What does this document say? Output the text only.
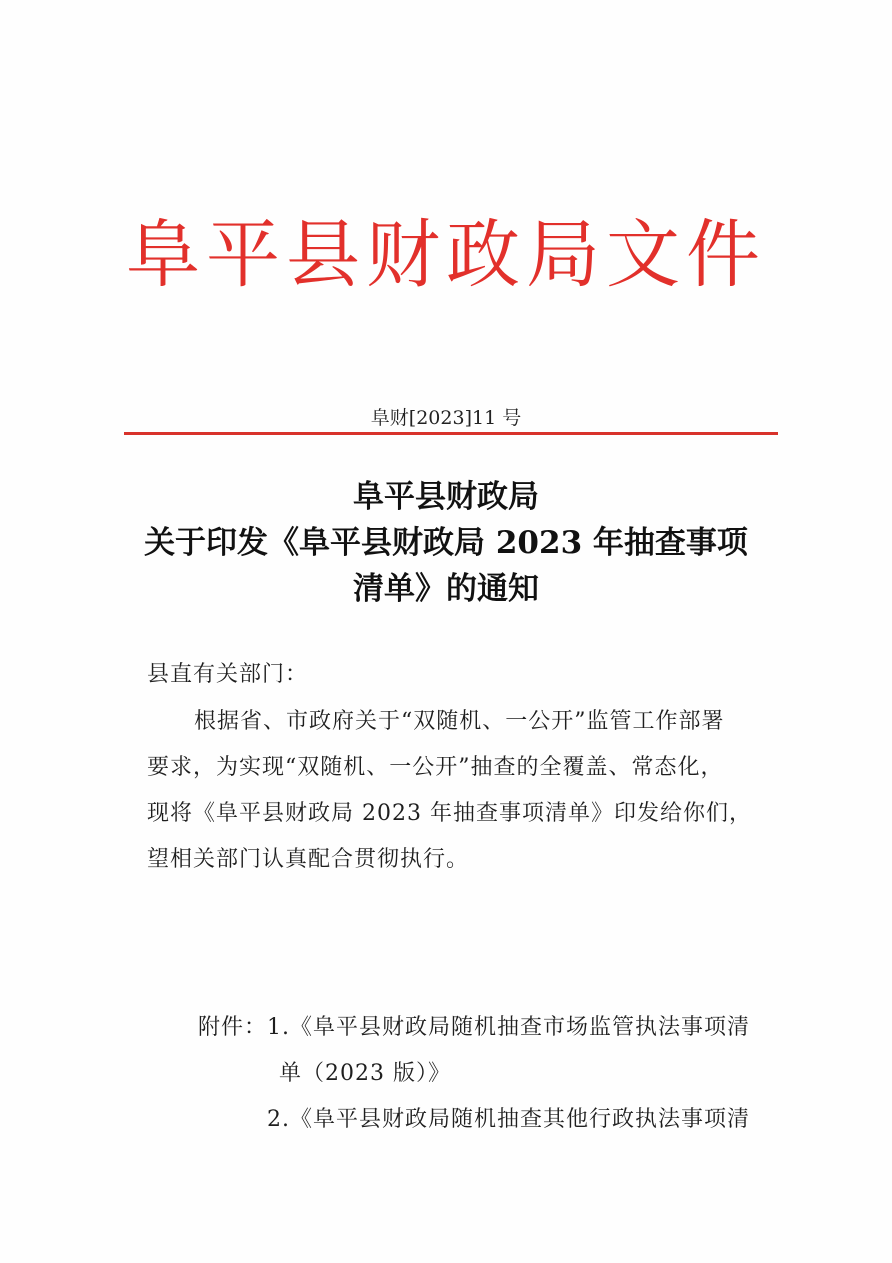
阜平县财政局文件
阜财[2023]11 号
阜平县财政局
关于印发《阜平县财政局 2023 年抽查事项
清单》的通知
县直有关部门：
根据省、市政府关于“双随机、一公开”监管工作部署
要求，为实现“双随机、一公开”抽查的全覆盖、常态化，
现将《阜平县财政局 2023 年抽查事项清单》印发给你们，
望相关部门认真配合贯彻执行。
附件：1.《阜平县财政局随机抽查市场监管执法事项清
单（2023 版）》
2.《阜平县财政局随机抽查其他行政执法事项清
